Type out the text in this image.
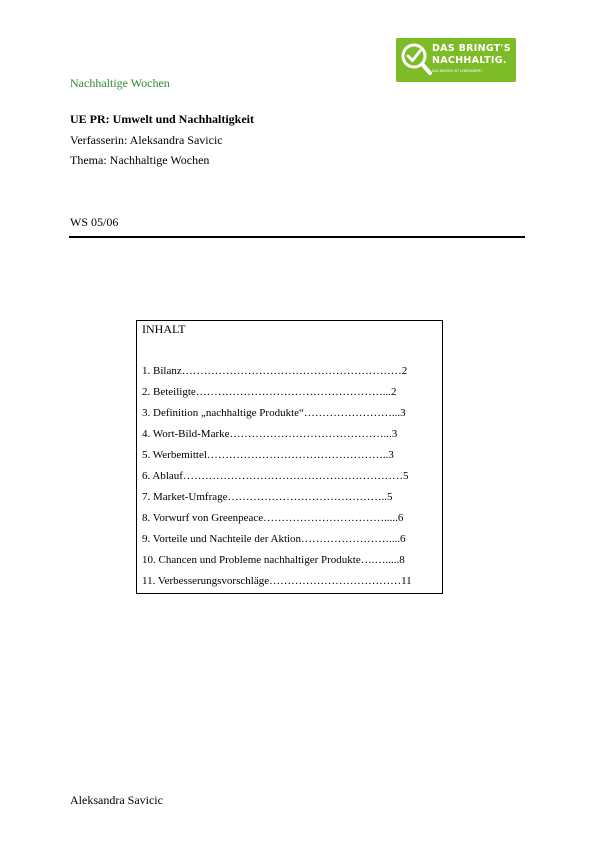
Nachhaltige Wochen
DAS BRINGT'S
NACHHALTIG.
DAS WISSEN IST LEBENSWERT
UE PR: Umwelt und Nachhaltigkeit
Verfasserin: Aleksandra Savicic
Thema: Nachhaltige Wochen
WS 05/06
INHALT
1. Bilanz……………………………………………………2
2. Beteiligte……………………………………………...2
3. Definition „nachhaltige Produkte“……………………...3
4. Wort-Bild-Marke……………………………………...3
5. Werbemittel…………………………………………..3
6. Ablauf……………………………………………………5
7. Market-Umfrage……………………………………..5
8. Vorwurf von Greenpeace…………………………….....6
9. Vorteile und Nachteile der Aktion……………………....6
10. Chancen und Probleme nachhaltiger Produkte….….....8
11. Verbesserungsvorschläge………………………………11
Aleksandra Savicic
